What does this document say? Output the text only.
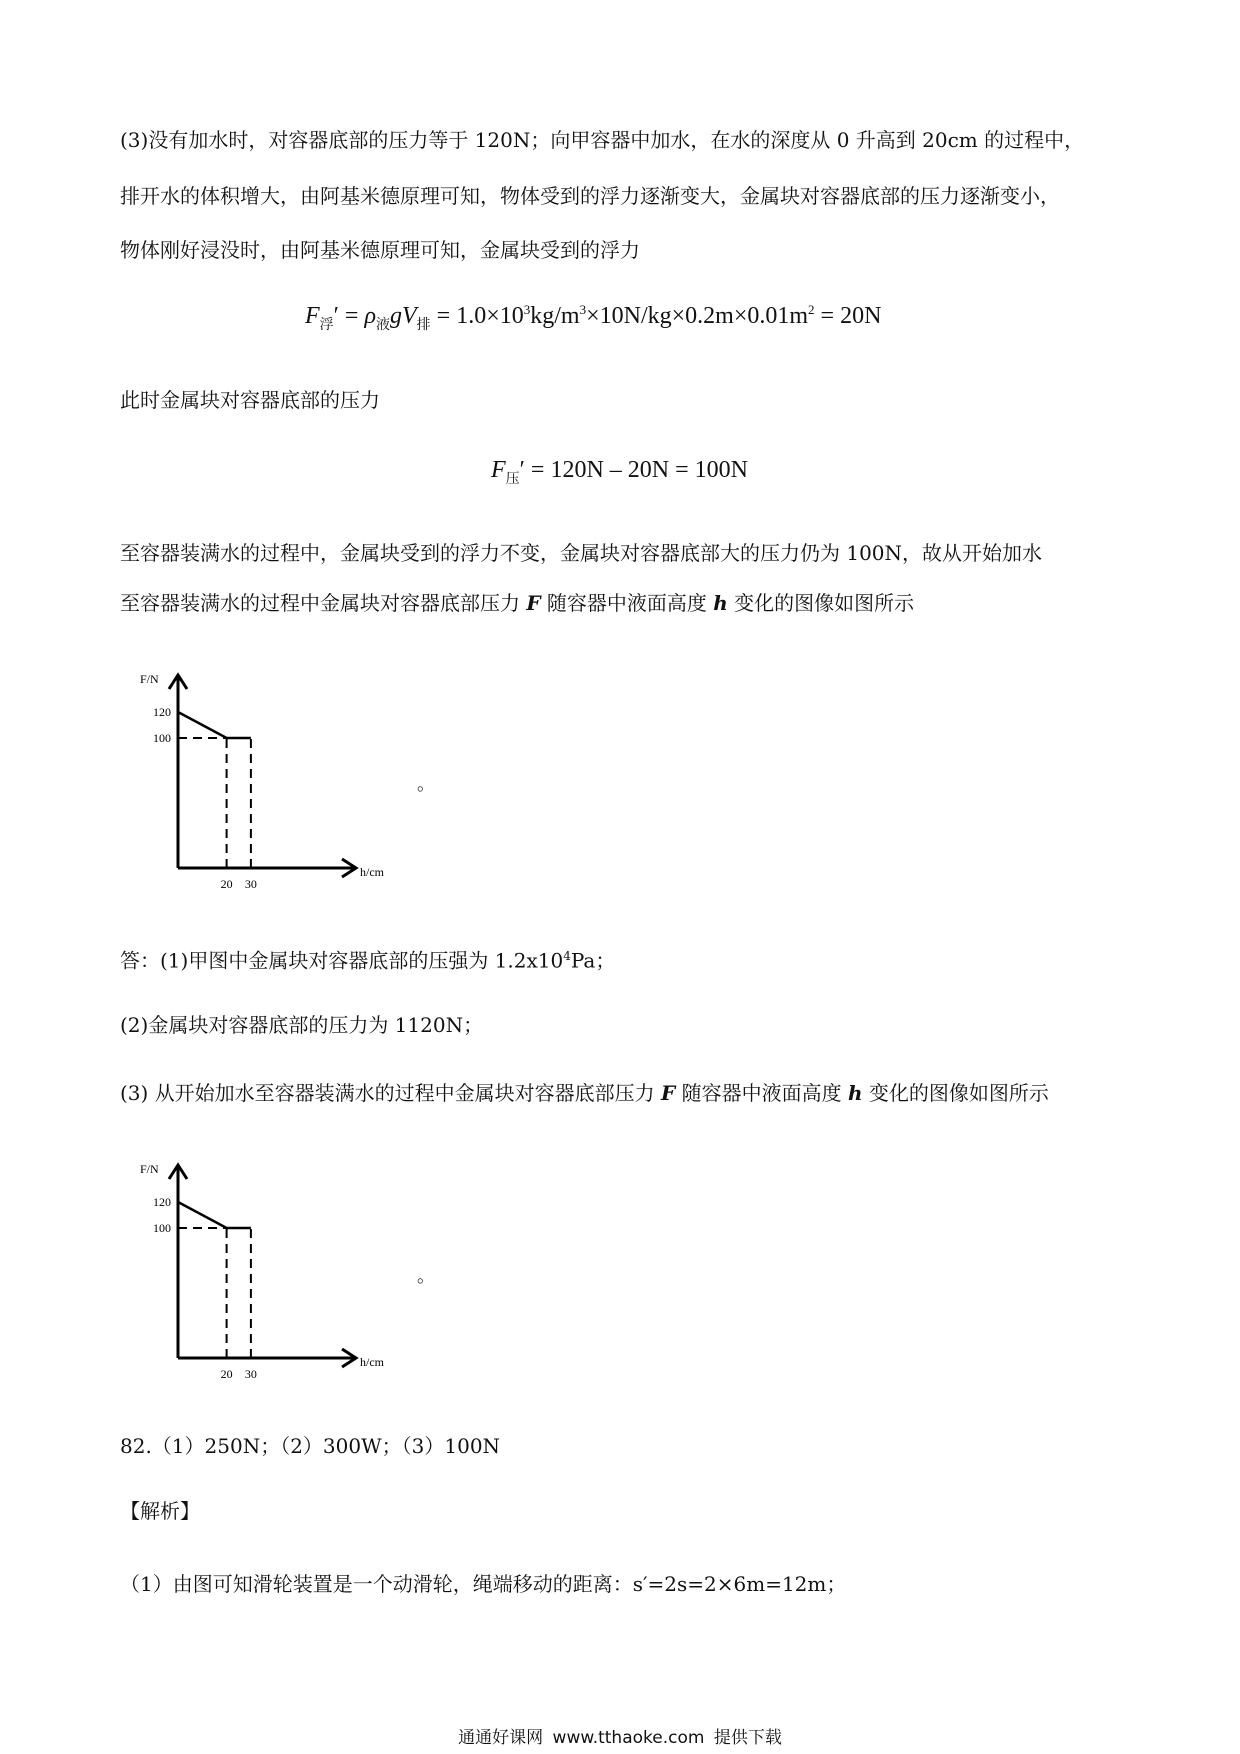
(3)没有加水时，对容器底部的压力等于 120N；向甲容器中加水，在水的深度从 0 升高到 20cm 的过程中，
排开水的体积增大，由阿基米德原理可知，物体受到的浮力逐渐变大，金属块对容器底部的压力逐渐变小，
物体刚好浸没时，由阿基米德原理可知，金属块受到的浮力
$F_浮' = \rho_液gV_排 = 1.0\times 10^3kg/m^3\times 10N/kg\times 0.2m\times 0.01m^2 = 20N$
此时金属块对容器底部的压力
$F_压' = 120N - 20N = 100N$
至容器装满水的过程中，金属块受到的浮力不变，金属块对容器底部大的压力仍为 100N，故从开始加水
至容器装满水的过程中金属块对容器底部压力 F 随容器中液面高度 h 变化的图像如图所示
F/N
h/cm
120
100
20 30
。
答：(1)甲图中金属块对容器底部的压强为 $1.2x10^4Pa$；
(2)金属块对容器底部的压力为 1120N；
(3) 从开始加水至容器装满水的过程中金属块对容器底部压力 F 随容器中液面高度 h 变化的图像如图所示
F/N
h/cm
120
100
20 30
。
82.（1）250N；（2）300W；（3）100N
【解析】
（1）由图可知滑轮装置是一个动滑轮，绳端移动的距离：s′=2s=2×6m=12m；
通通好课网 www.tthaoke.com 提供下载
